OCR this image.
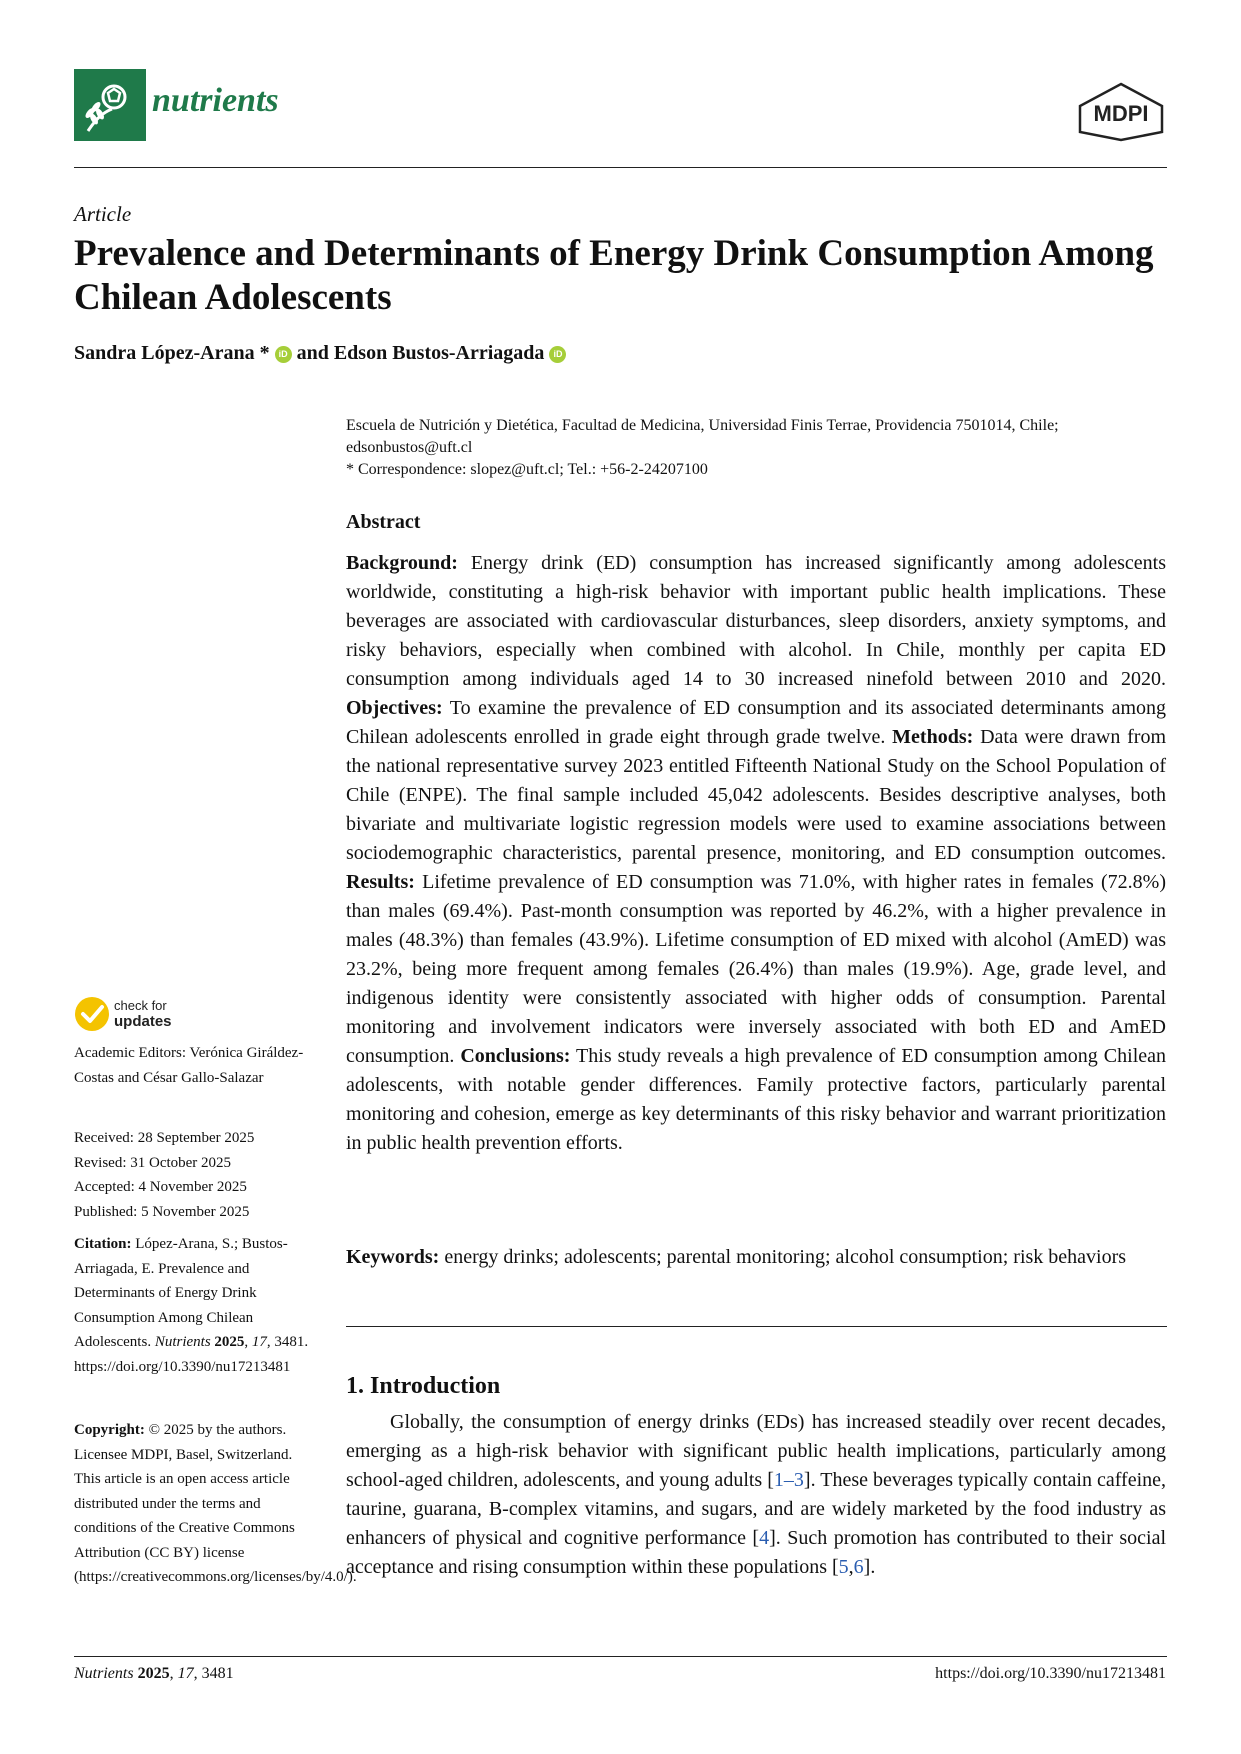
nutrients	MDPI
Article
Prevalence and Determinants of Energy Drink Consumption Among Chilean Adolescents
Sandra López-Arana * iD and Edson Bustos-Arriagada iD
Escuela de Nutrición y Dietética, Facultad de Medicina, Universidad Finis Terrae, Providencia 7501014, Chile;
edsonbustos@uft.cl
* Correspondence: slopez@uft.cl; Tel.: +56-2-24207100
Abstract
Background: Energy drink (ED) consumption has increased significantly among adolescents worldwide, constituting a high-risk behavior with important public health implications. These beverages are associated with cardiovascular disturbances, sleep disorders, anxiety symptoms, and risky behaviors, especially when combined with alcohol. In Chile, monthly per capita ED consumption among individuals aged 14 to 30 increased ninefold between 2010 and 2020. Objectives: To examine the prevalence of ED consumption and its associated determinants among Chilean adolescents enrolled in grade eight through grade twelve. Methods: Data were drawn from the national representative survey 2023 entitled Fifteenth National Study on the School Population of Chile (ENPE). The final sample included 45,042 adolescents. Besides descriptive analyses, both bivariate and multivariate logistic regression models were used to examine associations between sociodemographic characteristics, parental presence, monitoring, and ED consumption outcomes. Results: Lifetime prevalence of ED consumption was 71.0%, with higher rates in females (72.8%) than males (69.4%). Past-month consumption was reported by 46.2%, with a higher prevalence in males (48.3%) than females (43.9%). Lifetime consumption of ED mixed with alcohol (AmED) was 23.2%, being more frequent among females (26.4%) than males (19.9%). Age, grade level, and indigenous identity were consistently associated with higher odds of consumption. Parental monitoring and involvement indicators were inversely associated with both ED and AmED consumption. Conclusions: This study reveals a high prevalence of ED consumption among Chilean adolescents, with notable gender differences. Family protective factors, particularly parental monitoring and cohesion, emerge as key determinants of this risky behavior and warrant prioritization in public health prevention efforts.
Keywords: energy drinks; adolescents; parental monitoring; alcohol consumption; risk behaviors
1. Introduction
Globally, the consumption of energy drinks (EDs) has increased steadily over recent decades, emerging as a high-risk behavior with significant public health implications, particularly among school-aged children, adolescents, and young adults [1–3]. These beverages typically contain caffeine, taurine, guarana, B-complex vitamins, and sugars, and are widely marketed by the food industry as enhancers of physical and cognitive performance [4]. Such promotion has contributed to their social acceptance and rising consumption within these populations [5,6].
check for
updates
Academic Editors: Verónica Giráldez-Costas and César Gallo-Salazar
Received: 28 September 2025
Revised: 31 October 2025
Accepted: 4 November 2025
Published: 5 November 2025
Citation: López-Arana, S.; Bustos-Arriagada, E. Prevalence and Determinants of Energy Drink Consumption Among Chilean Adolescents. Nutrients 2025, 17, 3481. https://doi.org/10.3390/nu17213481
Copyright: © 2025 by the authors. Licensee MDPI, Basel, Switzerland. This article is an open access article distributed under the terms and conditions of the Creative Commons Attribution (CC BY) license (https://creativecommons.org/licenses/by/4.0/).
Nutrients 2025, 17, 3481	https://doi.org/10.3390/nu17213481
